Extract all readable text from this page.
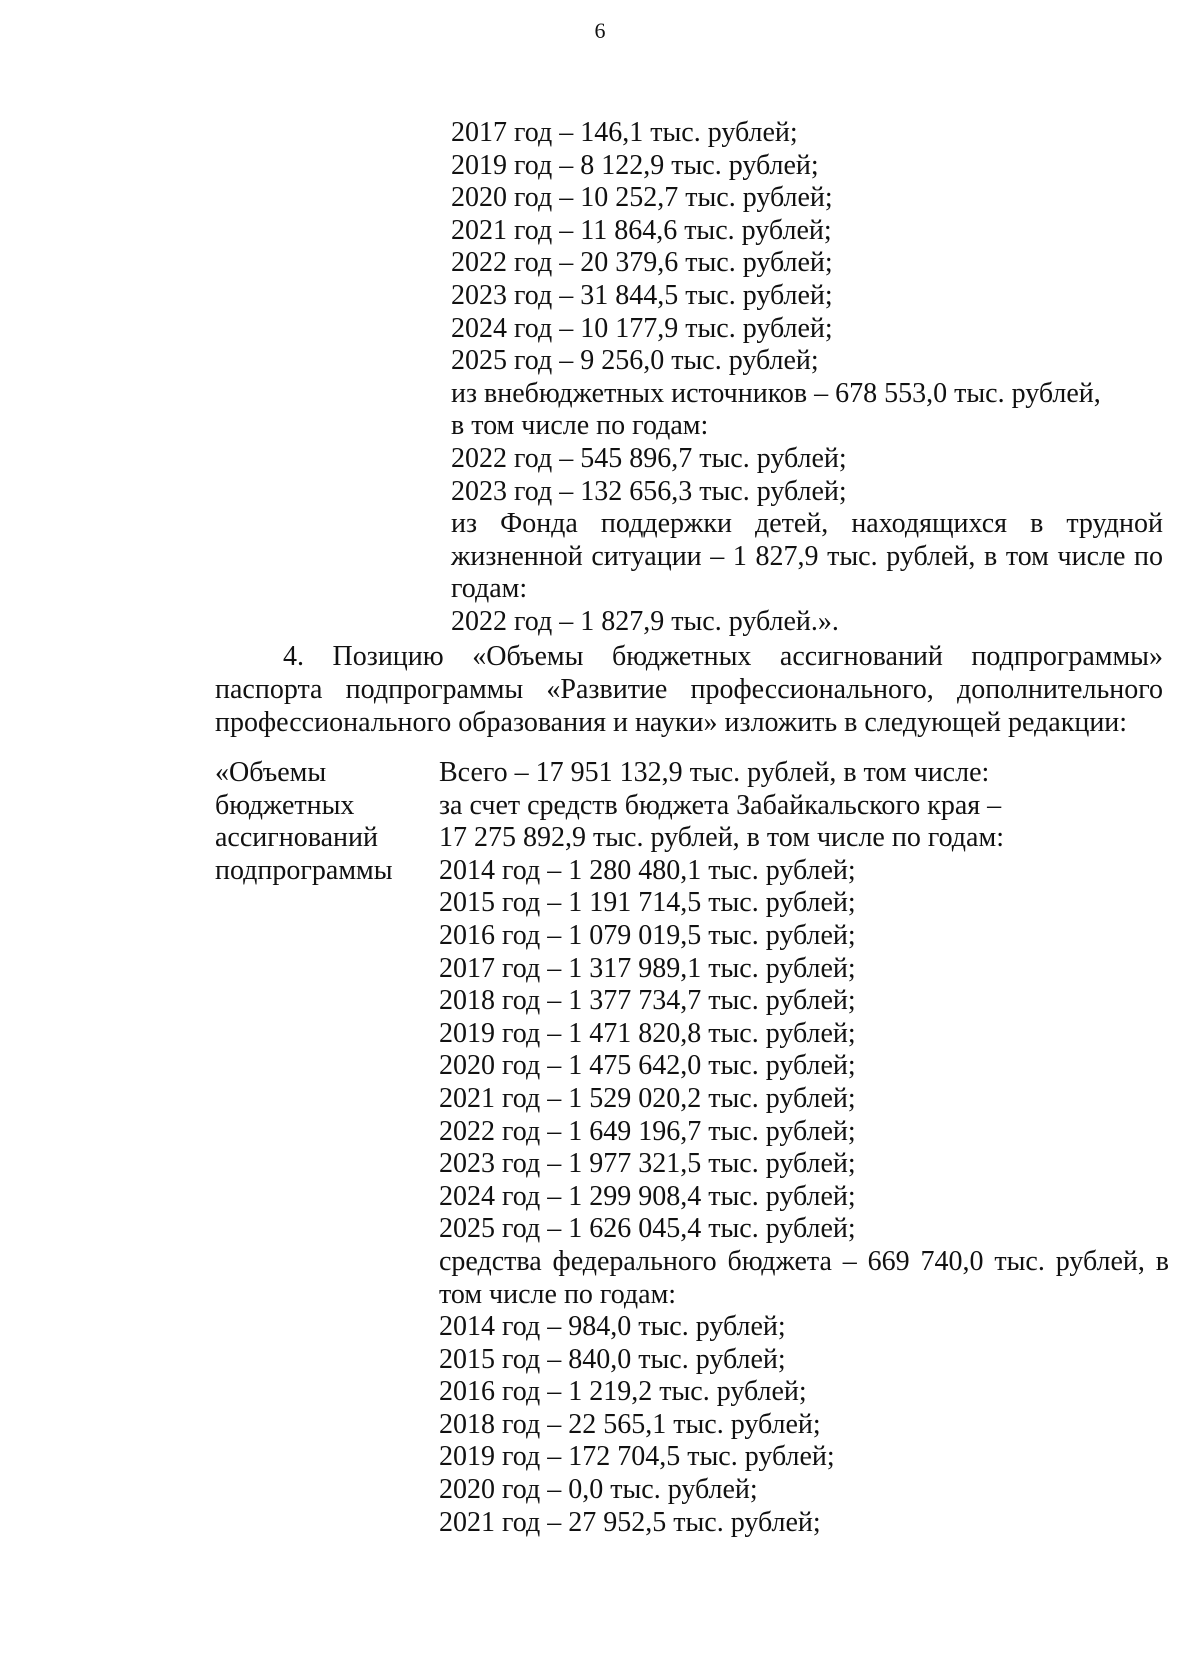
6
2017 год – 146,1 тыс. рублей;
2019 год – 8 122,9 тыс. рублей;
2020 год – 10 252,7 тыс. рублей;
2021 год – 11 864,6 тыс. рублей;
2022 год – 20 379,6 тыс. рублей;
2023 год – 31 844,5 тыс. рублей;
2024 год – 10 177,9 тыс. рублей;
2025 год – 9 256,0 тыс. рублей;
из внебюджетных источников – 678 553,0 тыс. рублей,
в том числе по годам:
2022 год – 545 896,7 тыс. рублей;
2023 год – 132 656,3 тыс. рублей;
из Фонда поддержки детей, находящихся в трудной жизненной ситуации – 1 827,9 тыс. рублей, в том числе по годам:
2022 год – 1 827,9 тыс. рублей.».
4. Позицию «Объемы бюджетных ассигнований подпрограммы» паспорта подпрограммы «Развитие профессионального, дополнительного профессионального образования и науки» изложить в следующей редакции:
«Объемы
бюджетных
ассигнований
подпрограммы
Всего – 17 951 132,9 тыс. рублей, в том числе:
за счет средств бюджета Забайкальского края –
17 275 892,9 тыс. рублей, в том числе по годам:
2014 год – 1 280 480,1 тыс. рублей;
2015 год – 1 191 714,5 тыс. рублей;
2016 год – 1 079 019,5 тыс. рублей;
2017 год – 1 317 989,1 тыс. рублей;
2018 год – 1 377 734,7 тыс. рублей;
2019 год – 1 471 820,8 тыс. рублей;
2020 год – 1 475 642,0 тыс. рублей;
2021 год – 1 529 020,2 тыс. рублей;
2022 год – 1 649 196,7 тыс. рублей;
2023 год – 1 977 321,5 тыс. рублей;
2024 год – 1 299 908,4 тыс. рублей;
2025 год – 1 626 045,4 тыс. рублей;
средства федерального бюджета – 669 740,0 тыс. рублей, в том числе по годам:
2014 год – 984,0 тыс. рублей;
2015 год – 840,0 тыс. рублей;
2016 год – 1 219,2 тыс. рублей;
2018 год – 22 565,1 тыс. рублей;
2019 год – 172 704,5 тыс. рублей;
2020 год – 0,0 тыс. рублей;
2021 год – 27 952,5 тыс. рублей;
